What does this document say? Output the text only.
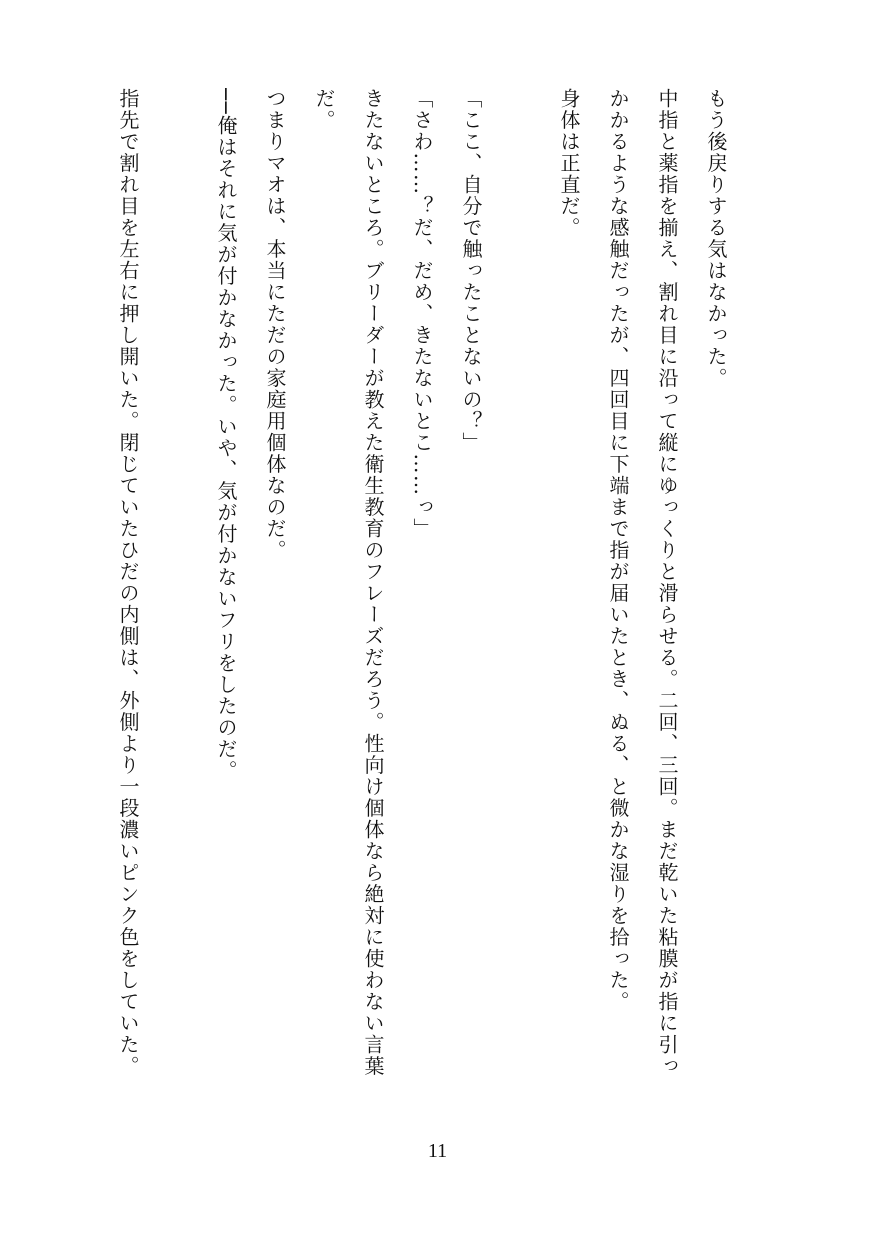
もう後戻りする気はなかった。

中指と薬指を揃え、割れ目に沿って縦にゆっくりと滑らせる。二回、三回。まだ乾いた粘膜が指に引っかかるような感触だったが、四回目に下端まで指が届いたとき、ぬる、と微かな湿りを拾った。

身体は正直だ。

「ここ、自分で触ったことないの？」

「さわ……？だ、だめ、きたないとこ……っ」

きたないところ。ブリーダーが教えた衛生教育のフレーズだろう。性向け個体なら絶対に使わない言葉だ。

つまりマオは、本当にただの家庭用個体なのだ。

──俺はそれに気が付かなかった。いや、気が付かないフリをしたのだ。

指先で割れ目を左右に押し開いた。閉じていたひだの内側は、外側より一段濃いピンク色をしていた。

11
